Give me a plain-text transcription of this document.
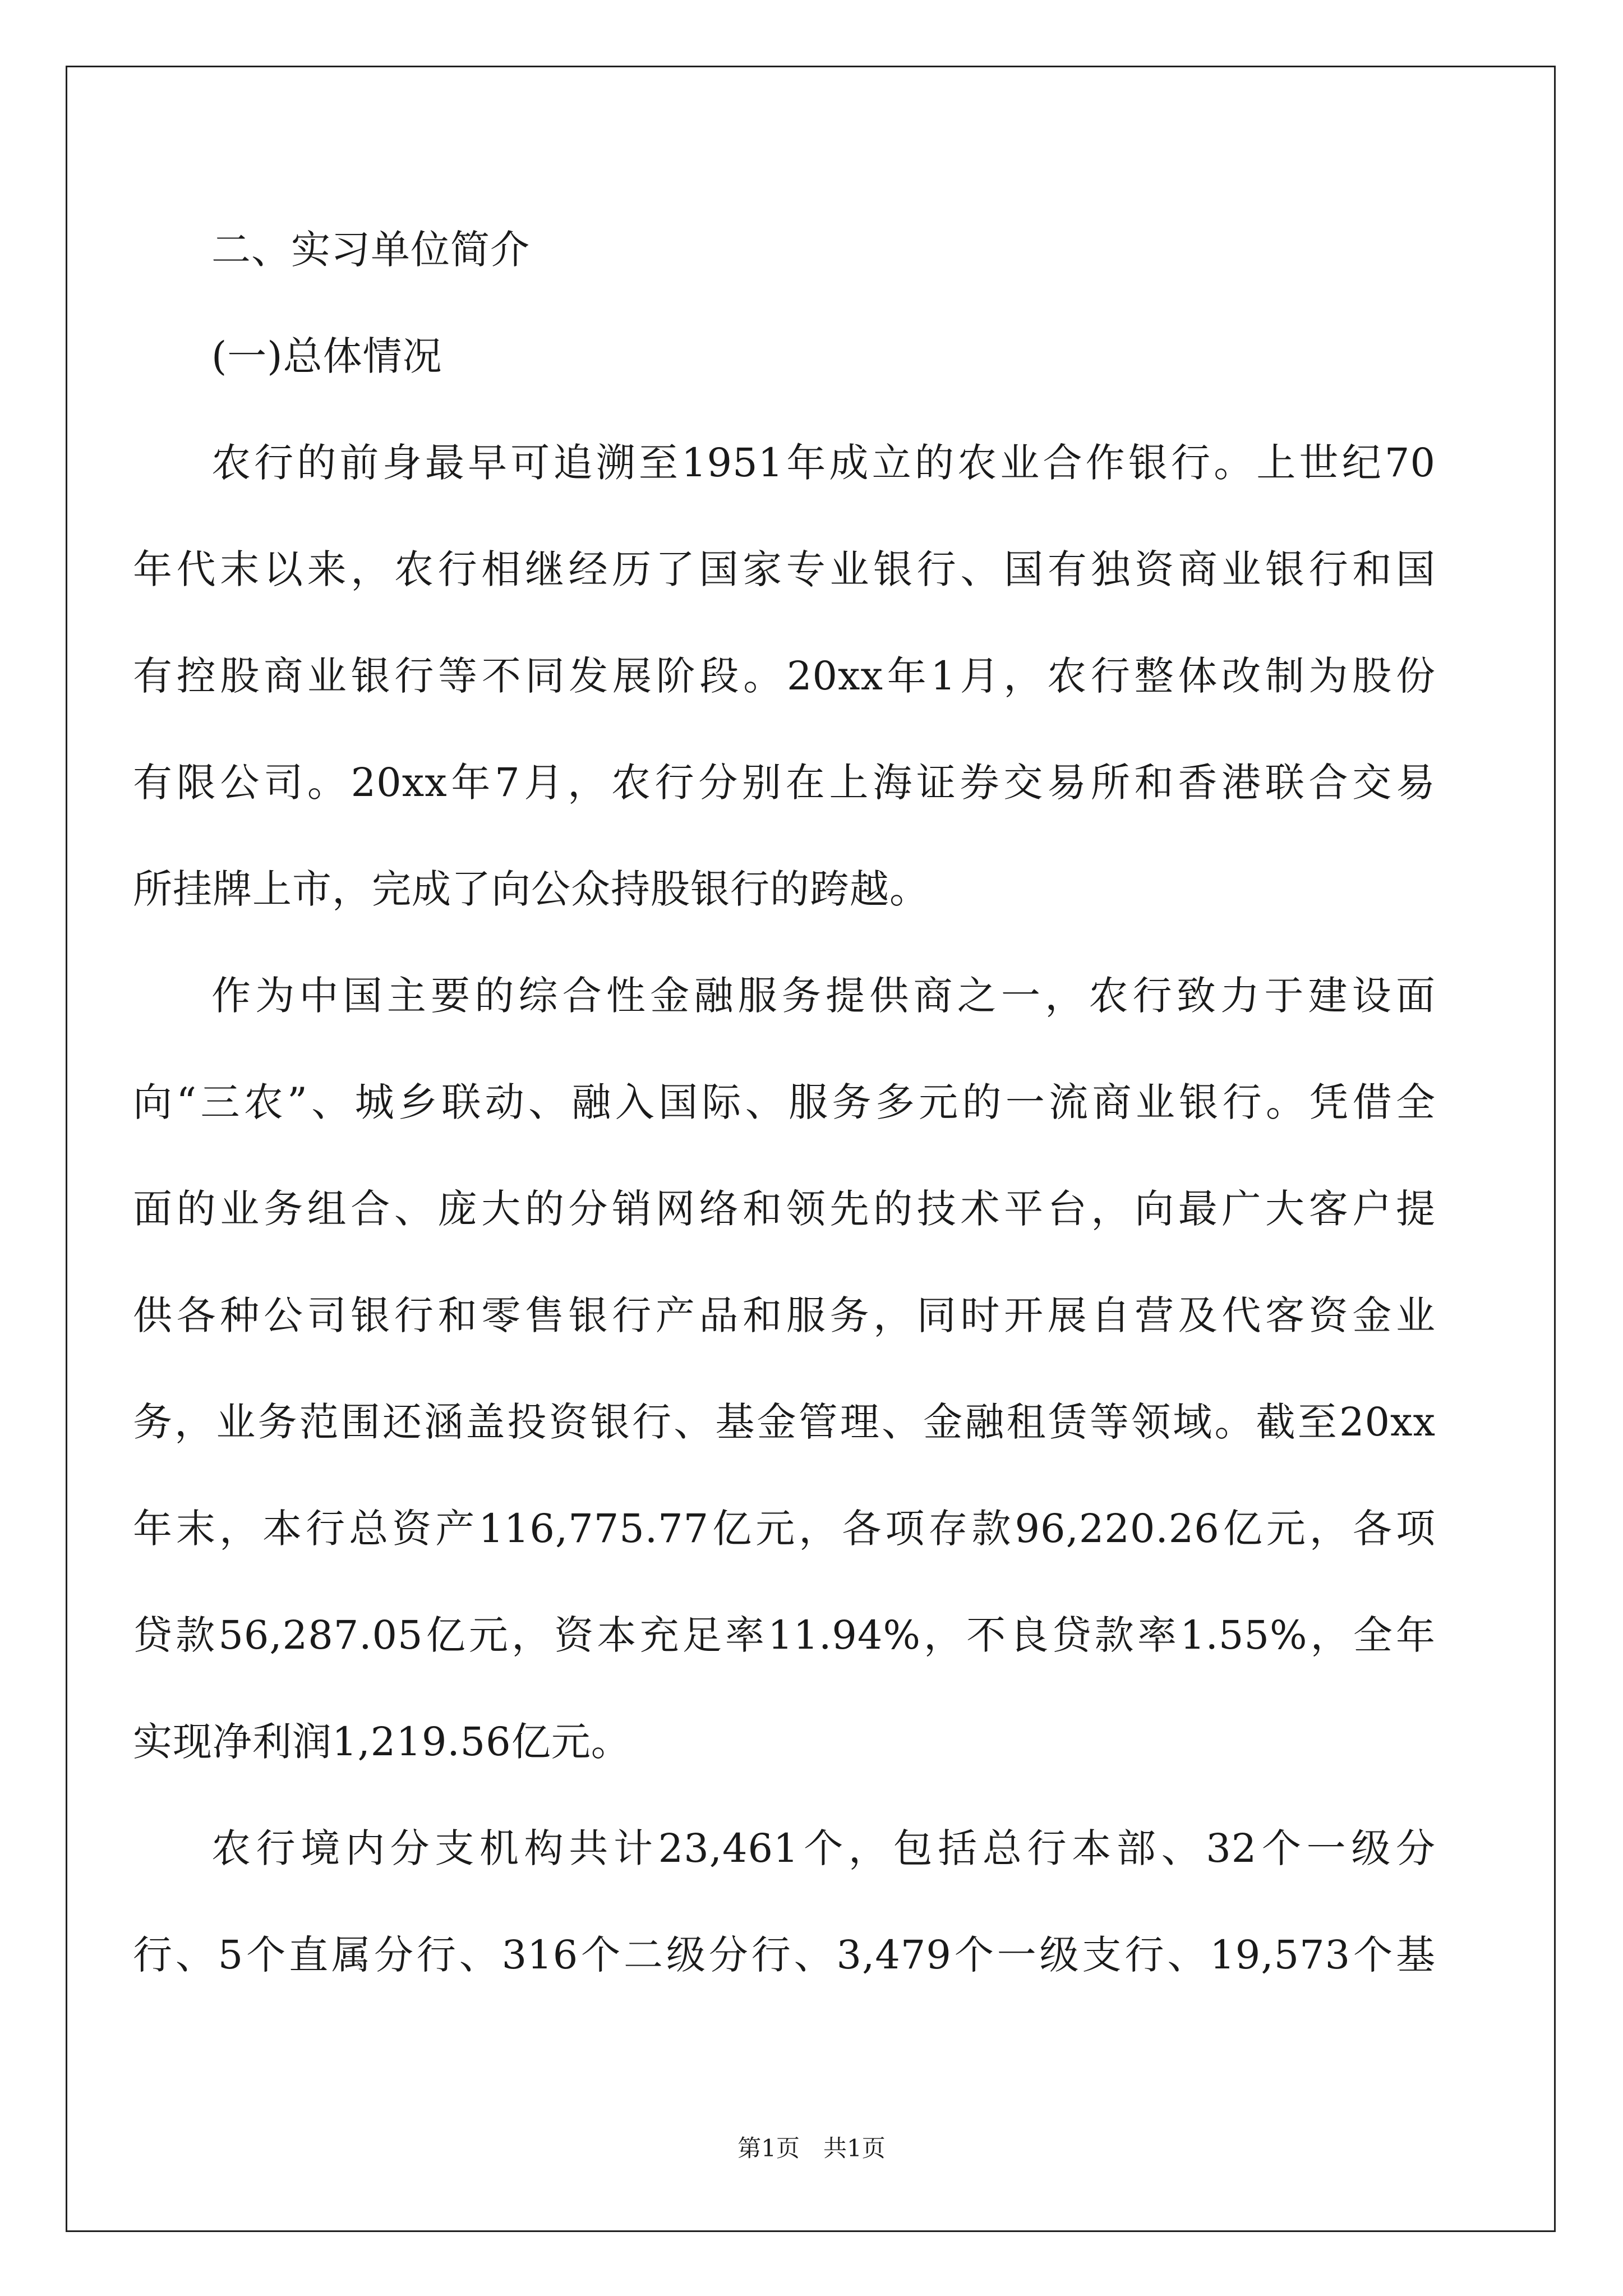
二、实习单位简介
(一)总体情况
农行的前身最早可追溯至1951年成立的农业合作银行。上世纪70
年代末以来，农行相继经历了国家专业银行、国有独资商业银行和国
有控股商业银行等不同发展阶段。20xx年1月，农行整体改制为股份
有限公司。20xx年7月，农行分别在上海证券交易所和香港联合交易
所挂牌上市，完成了向公众持股银行的跨越。
作为中国主要的综合性金融服务提供商之一，农行致力于建设面
向“三农”、城乡联动、融入国际、服务多元的一流商业银行。凭借全
面的业务组合、庞大的分销网络和领先的技术平台，向最广大客户提
供各种公司银行和零售银行产品和服务，同时开展自营及代客资金业
务，业务范围还涵盖投资银行、基金管理、金融租赁等领域。截至20xx
年末，本行总资产116,775.77亿元，各项存款96,220.26亿元，各项
贷款56,287.05亿元，资本充足率11.94%，不良贷款率1.55%，全年
实现净利润1,219.56亿元。
农行境内分支机构共计23,461个，包括总行本部、32个一级分
行、5个直属分行、316个二级分行、3,479个一级支行、19,573个基
第1页　共1页
